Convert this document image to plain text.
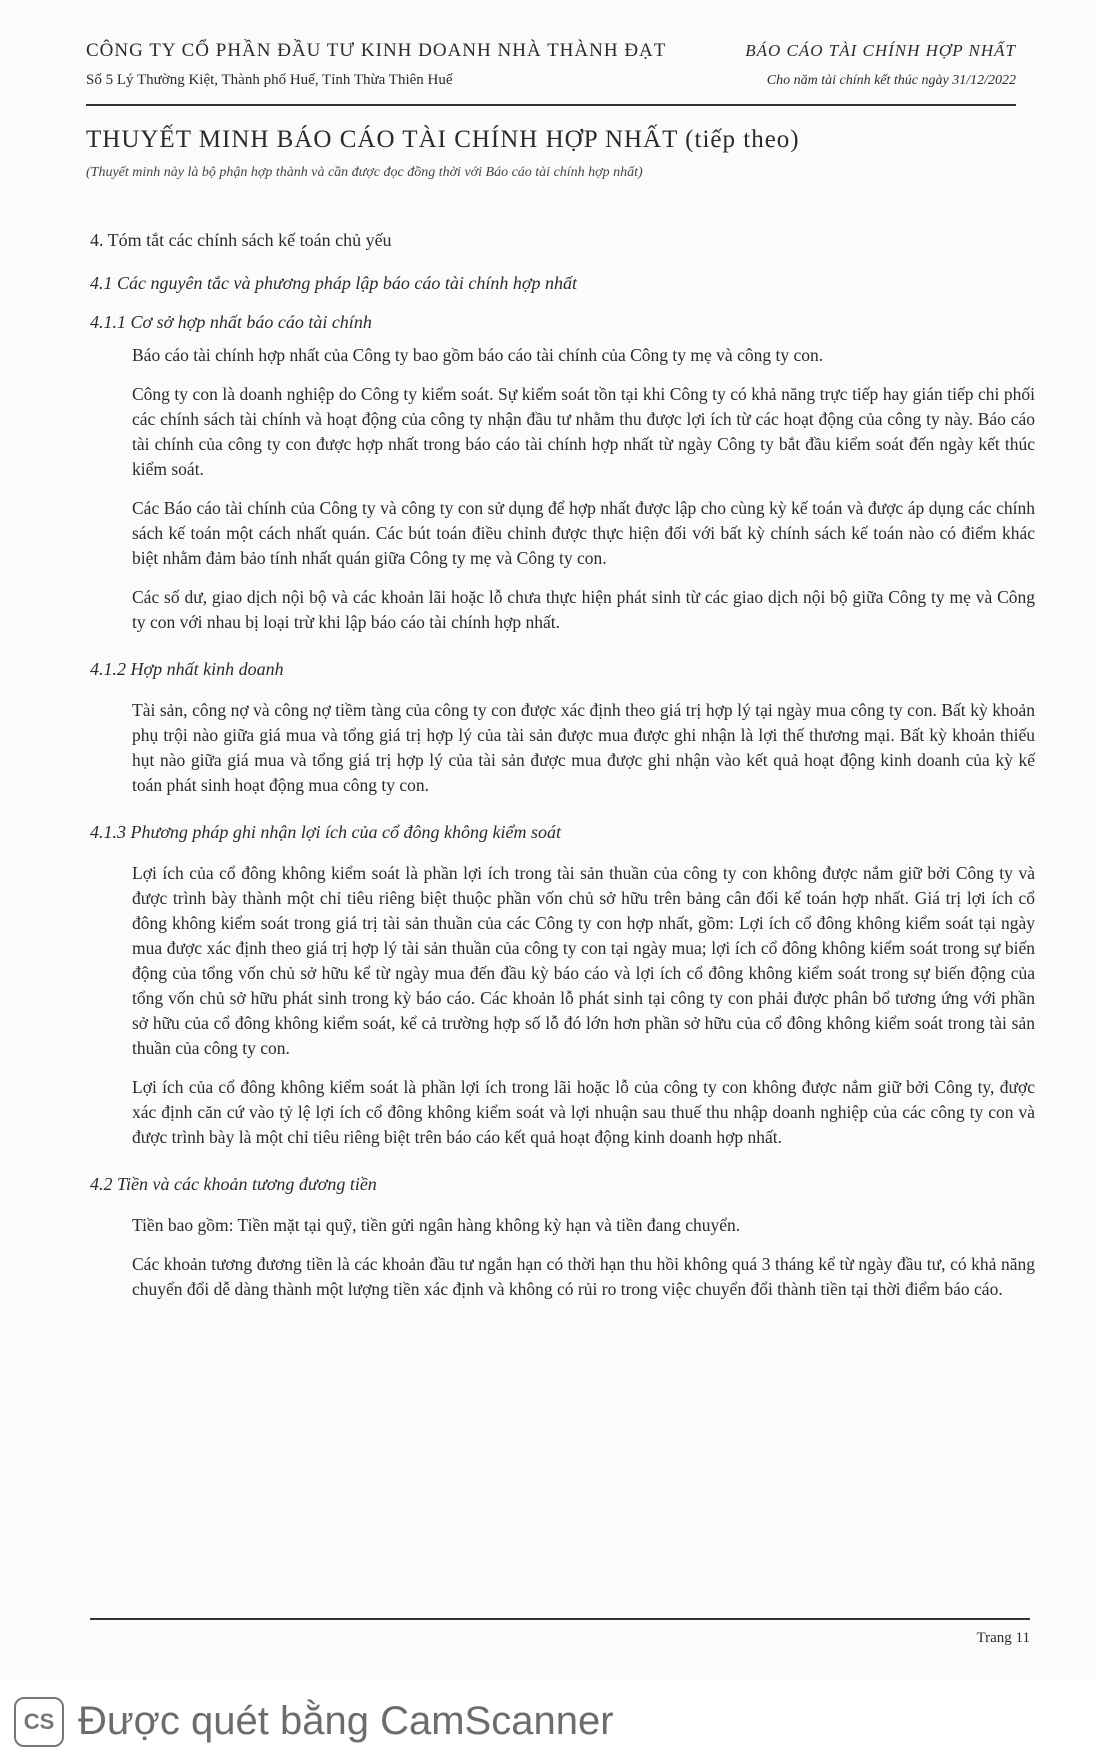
CÔNG TY CỔ PHẦN ĐẦU TƯ KINH DOANH NHÀ THÀNH ĐẠT	BÁO CÁO TÀI CHÍNH HỢP NHẤT
Số 5 Lý Thường Kiệt, Thành phố Huế, Tỉnh Thừa Thiên Huế	Cho năm tài chính kết thúc ngày 31/12/2022
THUYẾT MINH BÁO CÁO TÀI CHÍNH HỢP NHẤT (tiếp theo)
(Thuyết minh này là bộ phận hợp thành và cần được đọc đồng thời với Báo cáo tài chính hợp nhất)
4. Tóm tắt các chính sách kế toán chủ yếu
4.1 Các nguyên tắc và phương pháp lập báo cáo tài chính hợp nhất
4.1.1 Cơ sở hợp nhất báo cáo tài chính

Báo cáo tài chính hợp nhất của Công ty bao gồm báo cáo tài chính của Công ty mẹ và công ty con.

Công ty con là doanh nghiệp do Công ty kiểm soát. Sự kiểm soát tồn tại khi Công ty có khả năng trực tiếp hay gián tiếp chi phối các chính sách tài chính và hoạt động của công ty nhận đầu tư nhằm thu được lợi ích từ các hoạt động của công ty này. Báo cáo tài chính của công ty con được hợp nhất trong báo cáo tài chính hợp nhất từ ngày Công ty bắt đầu kiểm soát đến ngày kết thúc kiểm soát.

Các Báo cáo tài chính của Công ty và công ty con sử dụng để hợp nhất được lập cho cùng kỳ kế toán và được áp dụng các chính sách kế toán một cách nhất quán. Các bút toán điều chỉnh được thực hiện đối với bất kỳ chính sách kế toán nào có điểm khác biệt nhằm đảm bảo tính nhất quán giữa Công ty mẹ và Công ty con.

Các số dư, giao dịch nội bộ và các khoản lãi hoặc lỗ chưa thực hiện phát sinh từ các giao dịch nội bộ giữa Công ty mẹ và Công ty con với nhau bị loại trừ khi lập báo cáo tài chính hợp nhất.

4.1.2 Hợp nhất kinh doanh

Tài sản, công nợ và công nợ tiềm tàng của công ty con được xác định theo giá trị hợp lý tại ngày mua công ty con. Bất kỳ khoản phụ trội nào giữa giá mua và tổng giá trị hợp lý của tài sản được mua được ghi nhận là lợi thế thương mại. Bất kỳ khoản thiếu hụt nào giữa giá mua và tổng giá trị hợp lý của tài sản được mua được ghi nhận vào kết quả hoạt động kinh doanh của kỳ kế toán phát sinh hoạt động mua công ty con.

4.1.3 Phương pháp ghi nhận lợi ích của cổ đông không kiểm soát

Lợi ích của cổ đông không kiểm soát là phần lợi ích trong tài sản thuần của công ty con không được nắm giữ bởi Công ty và được trình bày thành một chỉ tiêu riêng biệt thuộc phần vốn chủ sở hữu trên bảng cân đối kế toán hợp nhất. Giá trị lợi ích cổ đông không kiểm soát trong giá trị tài sản thuần của các Công ty con hợp nhất, gồm: Lợi ích cổ đông không kiểm soát tại ngày mua được xác định theo giá trị hợp lý tài sản thuần của công ty con tại ngày mua; lợi ích cổ đông không kiểm soát trong sự biến động của tổng vốn chủ sở hữu kể từ ngày mua đến đầu kỳ báo cáo và lợi ích cổ đông không kiểm soát trong sự biến động của tổng vốn chủ sở hữu phát sinh trong kỳ báo cáo. Các khoản lỗ phát sinh tại công ty con phải được phân bổ tương ứng với phần sở hữu của cổ đông không kiểm soát, kể cả trường hợp số lỗ đó lớn hơn phần sở hữu của cổ đông không kiểm soát trong tài sản thuần của công ty con.

Lợi ích của cổ đông không kiểm soát là phần lợi ích trong lãi hoặc lỗ của công ty con không được nắm giữ bởi Công ty, được xác định căn cứ vào tỷ lệ lợi ích cổ đông không kiểm soát và lợi nhuận sau thuế thu nhập doanh nghiệp của các công ty con và được trình bày là một chỉ tiêu riêng biệt trên báo cáo kết quả hoạt động kinh doanh hợp nhất.

4.2 Tiền và các khoản tương đương tiền

Tiền bao gồm: Tiền mặt tại quỹ, tiền gửi ngân hàng không kỳ hạn và tiền đang chuyển.

Các khoản tương đương tiền là các khoản đầu tư ngắn hạn có thời hạn thu hồi không quá 3 tháng kể từ ngày đầu tư, có khả năng chuyển đổi dễ dàng thành một lượng tiền xác định và không có rủi ro trong việc chuyển đổi thành tiền tại thời điểm báo cáo.

Trang 11
CS Được quét bằng CamScanner
